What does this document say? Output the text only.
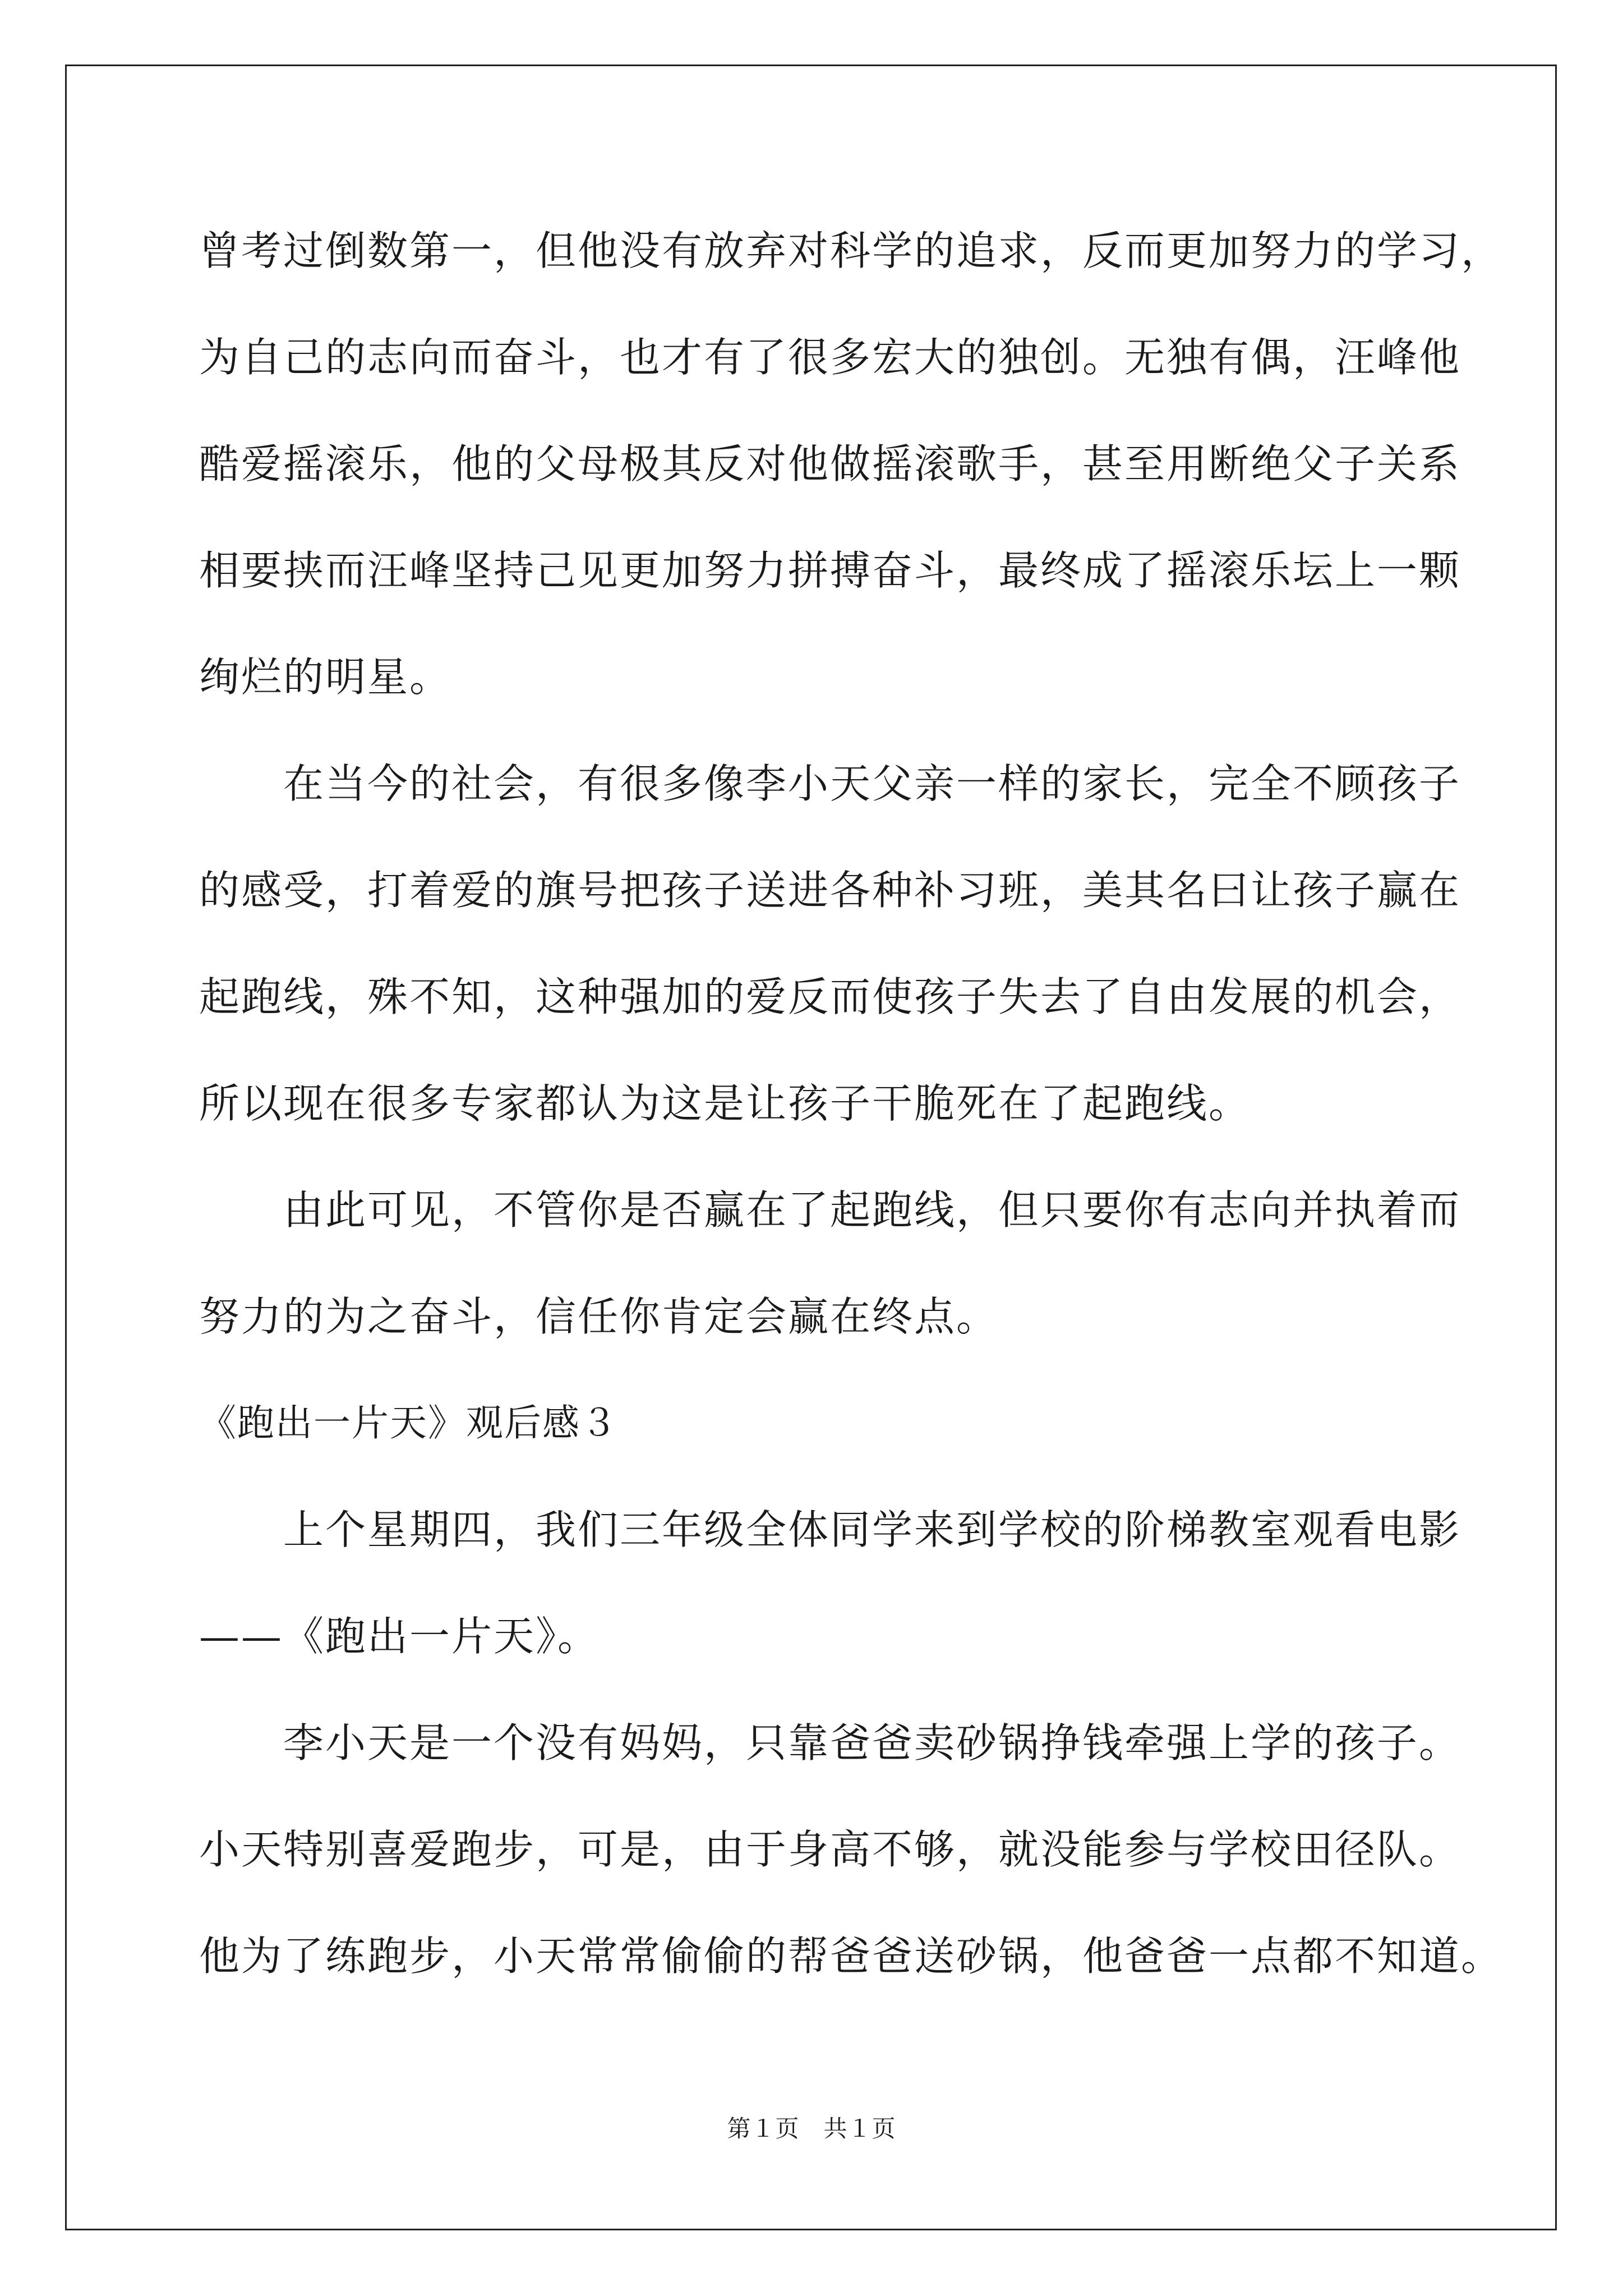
曾考过倒数第一，但他没有放弃对科学的追求，反而更加努力的学习，
为自己的志向而奋斗，也才有了很多宏大的独创。无独有偶，汪峰他
酷爱摇滚乐，他的父母极其反对他做摇滚歌手，甚至用断绝父子关系
相要挟而汪峰坚持己见更加努力拼搏奋斗，最终成了摇滚乐坛上一颗
绚烂的明星。
　　在当今的社会，有很多像李小天父亲一样的家长，完全不顾孩子
的感受，打着爱的旗号把孩子送进各种补习班，美其名曰让孩子赢在
起跑线，殊不知，这种强加的爱反而使孩子失去了自由发展的机会，
所以现在很多专家都认为这是让孩子干脆死在了起跑线。
　　由此可见，不管你是否赢在了起跑线，但只要你有志向并执着而
努力的为之奋斗，信任你肯定会赢在终点。
《跑出一片天》观后感３
　　上个星期四，我们三年级全体同学来到学校的阶梯教室观看电影
——《跑出一片天》。
　　李小天是一个没有妈妈，只靠爸爸卖砂锅挣钱牵强上学的孩子。
小天特别喜爱跑步，可是，由于身高不够，就没能参与学校田径队。
他为了练跑步，小天常常偷偷的帮爸爸送砂锅，他爸爸一点都不知道。
第１页　共１页
